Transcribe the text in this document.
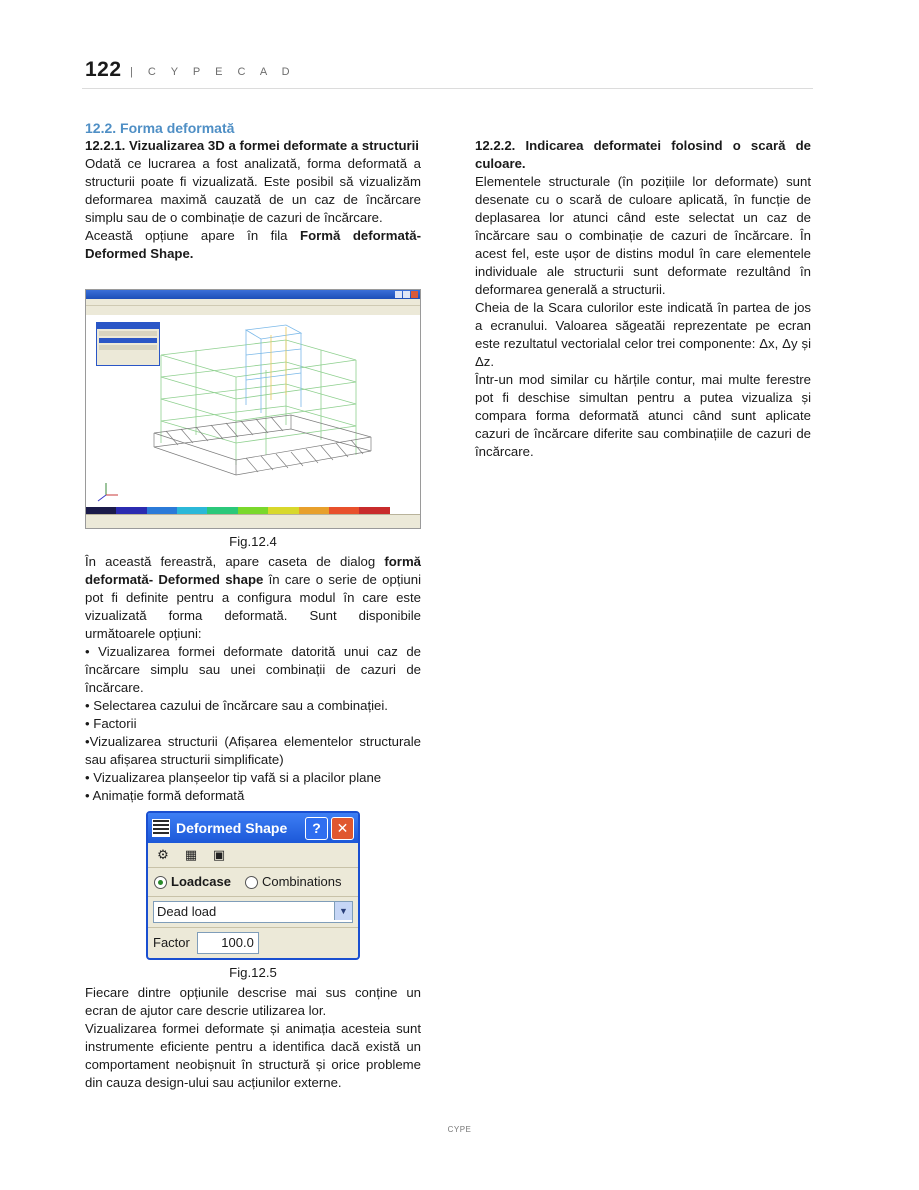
122 | C Y P E C A D

12.2. Forma deformată

12.2.1. Vizualizarea 3D a formei deformate a structurii

Odată ce lucrarea a fost analizată, forma deformată a structurii poate fi vizualizată. Este posibil să vizualizăm deformarea maximă cauzată de un caz de încărcare simplu sau de o combinație de cazuri de încărcare.

Această opțiune apare în fila Formă deformată- Deformed Shape.

Fig.12.4

În această fereastră, apare caseta de dialog formă deformată- Deformed shape în care o serie de opțiuni pot fi definite pentru a configura modul în care este vizualizată forma deformată. Sunt disponibile următoarele opțiuni:

• Vizualizarea formei deformate datorită unui caz de încărcare simplu sau unei combinații de cazuri de încărcare.

• Selectarea cazului de încărcare sau a combinației.

• Factorii

•Vizualizarea structurii (Afișarea elementelor structurale sau afișarea structurii simplificate)

• Vizualizarea planșeelor tip vafă si a placilor plane

• Animație formă deformată

Deformed Shape	?	✕
⚙ ▦ ▣
Loadcase Combinations
Dead load	▼
Factor	100.0

Fig.12.5

Fiecare dintre opțiunile descrise mai sus conține un ecran de ajutor care descrie utilizarea lor.

Vizualizarea formei deformate și animația acesteia sunt instrumente eficiente pentru a identifica dacă există un comportament neobișnuit în structură și orice probleme din cauza design-ului sau acțiunilor externe.

12.2.2. Indicarea deformatei folosind o scară de culoare.

Elementele structurale (în pozițiile lor deformate) sunt desenate cu o scară de culoare aplicată, în funcție de deplasarea lor atunci când este selectat un caz de încărcare sau o combinație de cazuri de încărcare. În acest fel, este ușor de distins modul în care elementele individuale ale structurii sunt deformate rezultând în deformarea generală a structurii.

Cheia de la Scara culorilor este indicată în partea de jos a ecranului. Valoarea săgeatăi reprezentate pe ecran este rezultatul vectorialal celor trei componente: Δx, Δy și Δz.

Într-un mod similar cu hărțile contur, mai multe ferestre pot fi deschise simultan pentru a putea vizualiza și compara forma deformată atunci când sunt aplicate cazuri de încărcare diferite sau combinațiile de cazuri de încărcare.

CYPE
